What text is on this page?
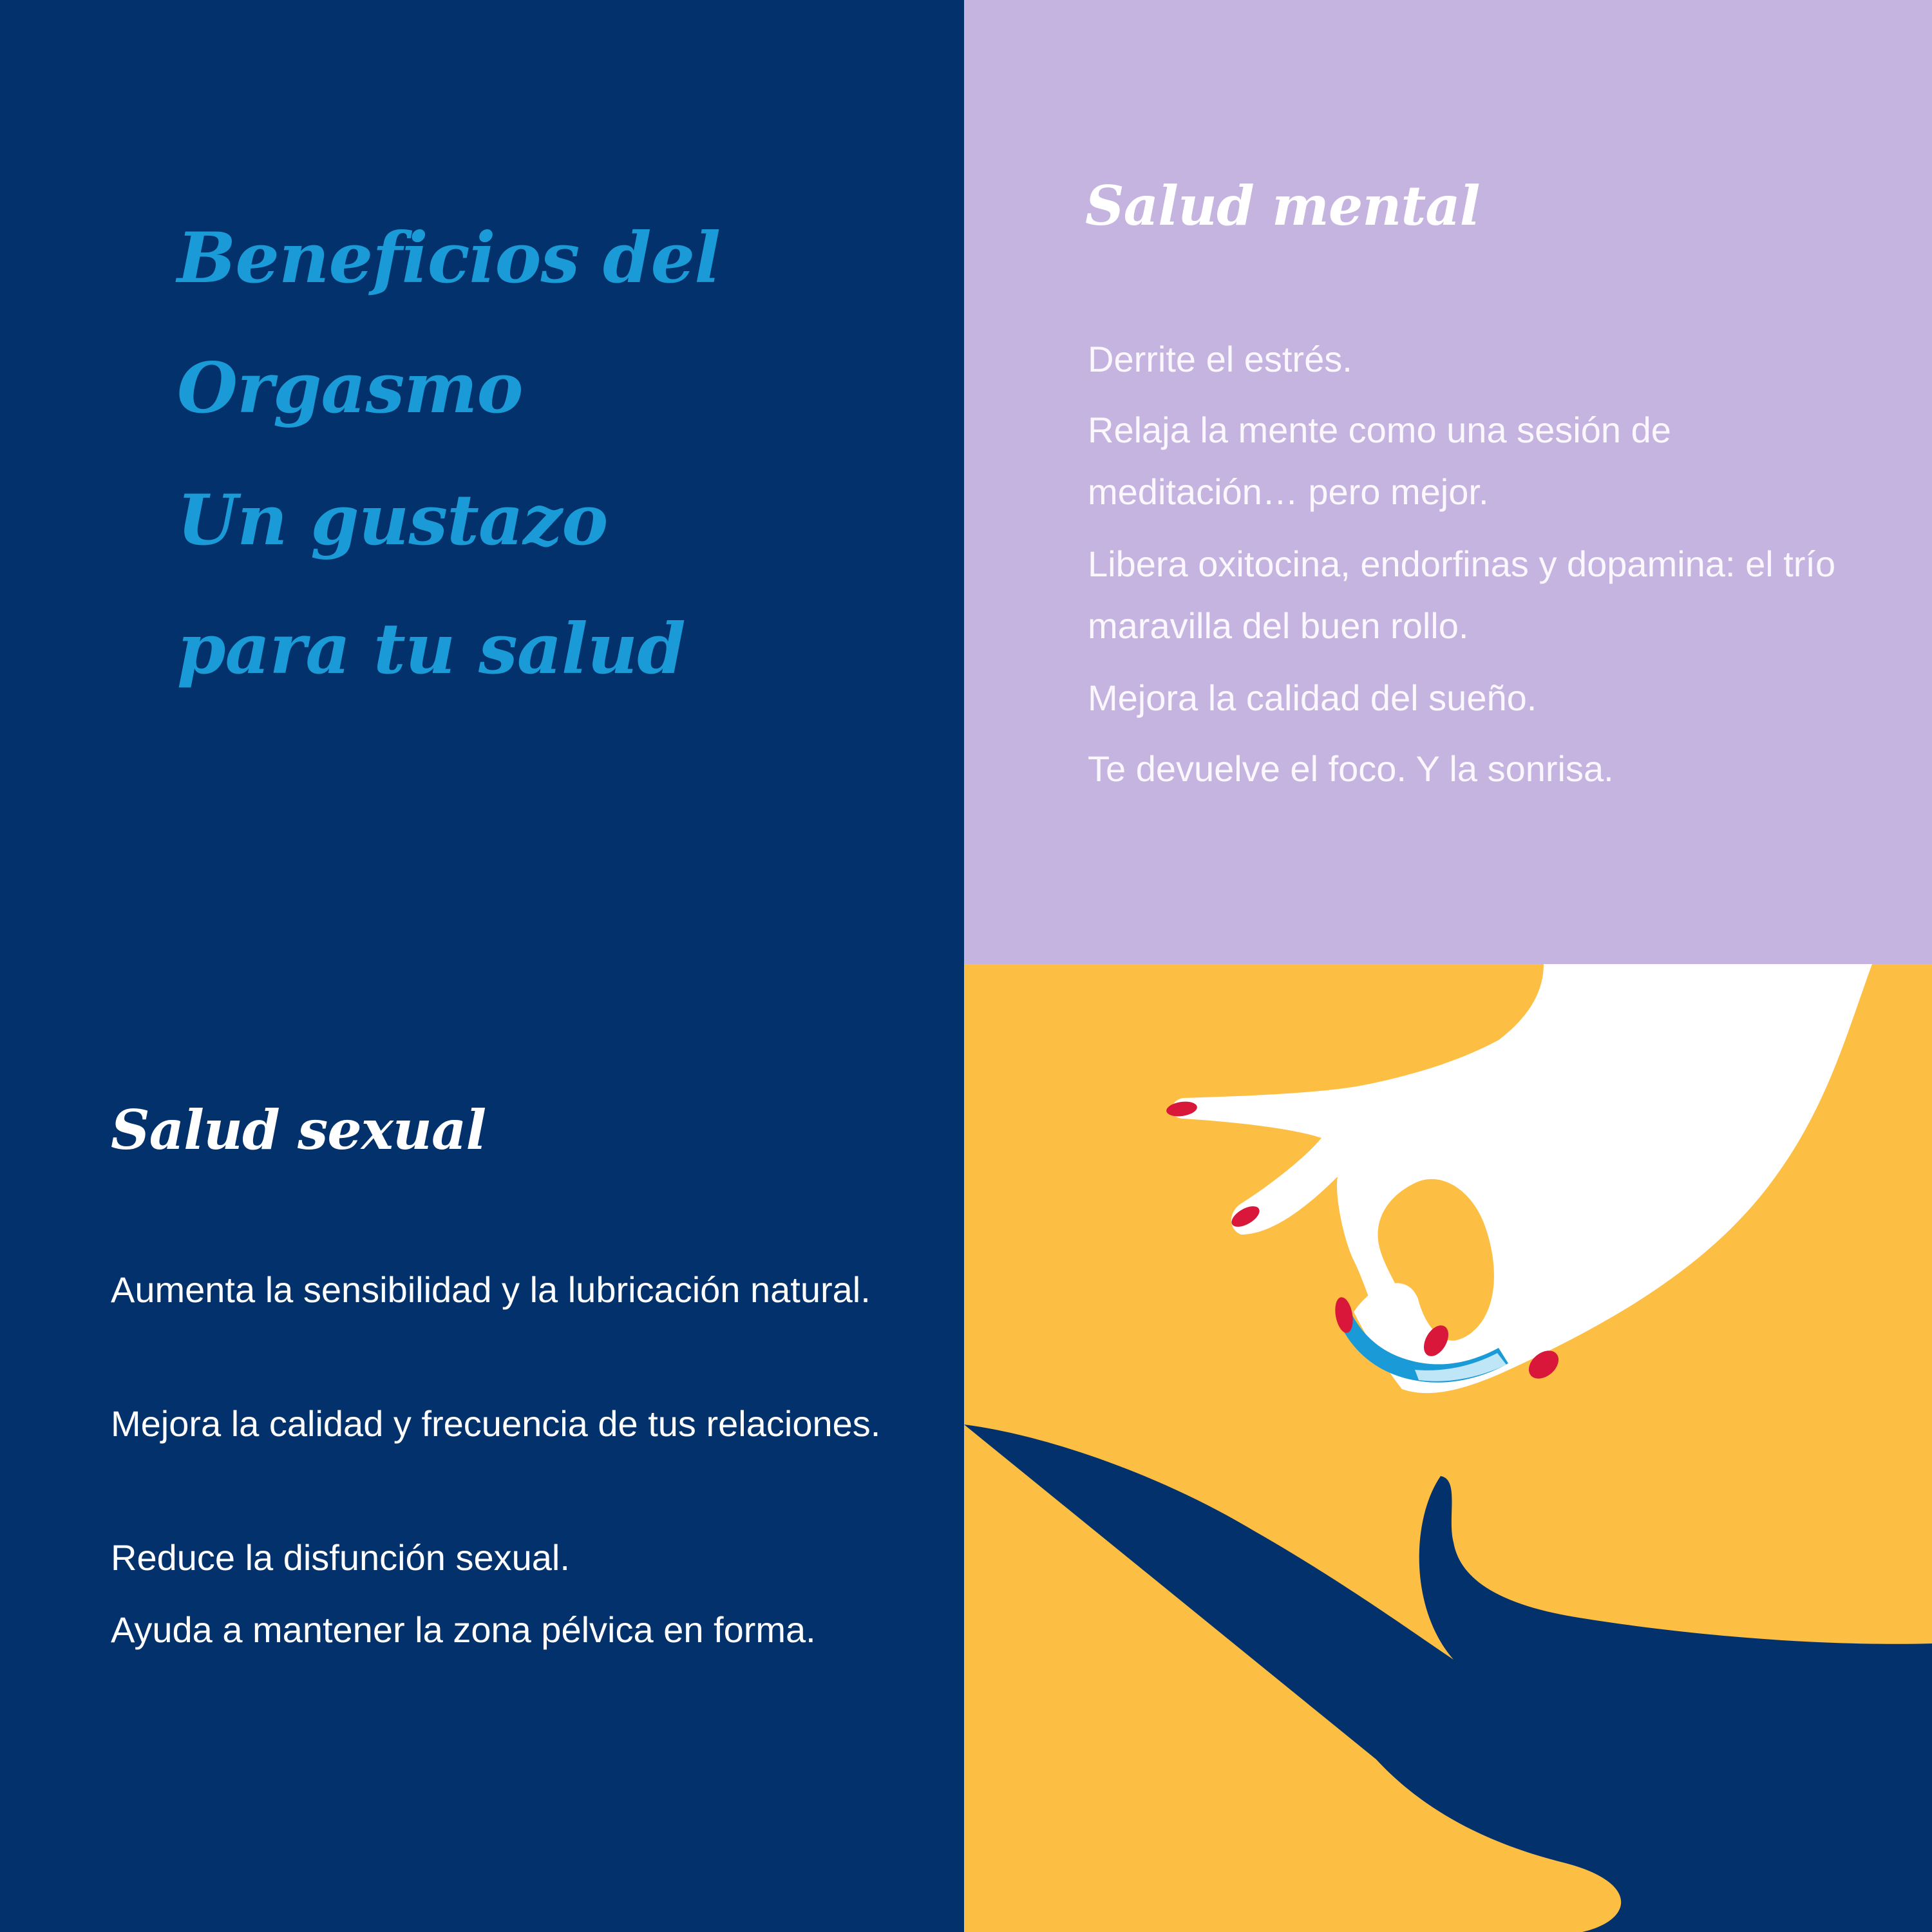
Beneficios del
Orgasmo
Un gustazo
para tu salud
Salud sexual

Aumenta la sensibilidad y la lubricación natural.

Mejora la calidad y frecuencia de tus relaciones.

Reduce la disfunción sexual.

Ayuda a mantener la zona pélvica en forma.

Salud mental

Derrite el estrés.

Relaja la mente como una sesión de meditación… pero mejor.

Libera oxitocina, endorfinas y dopamina: el trío maravilla del buen rollo.

Mejora la calidad del sueño.

Te devuelve el foco. Y la sonrisa.
